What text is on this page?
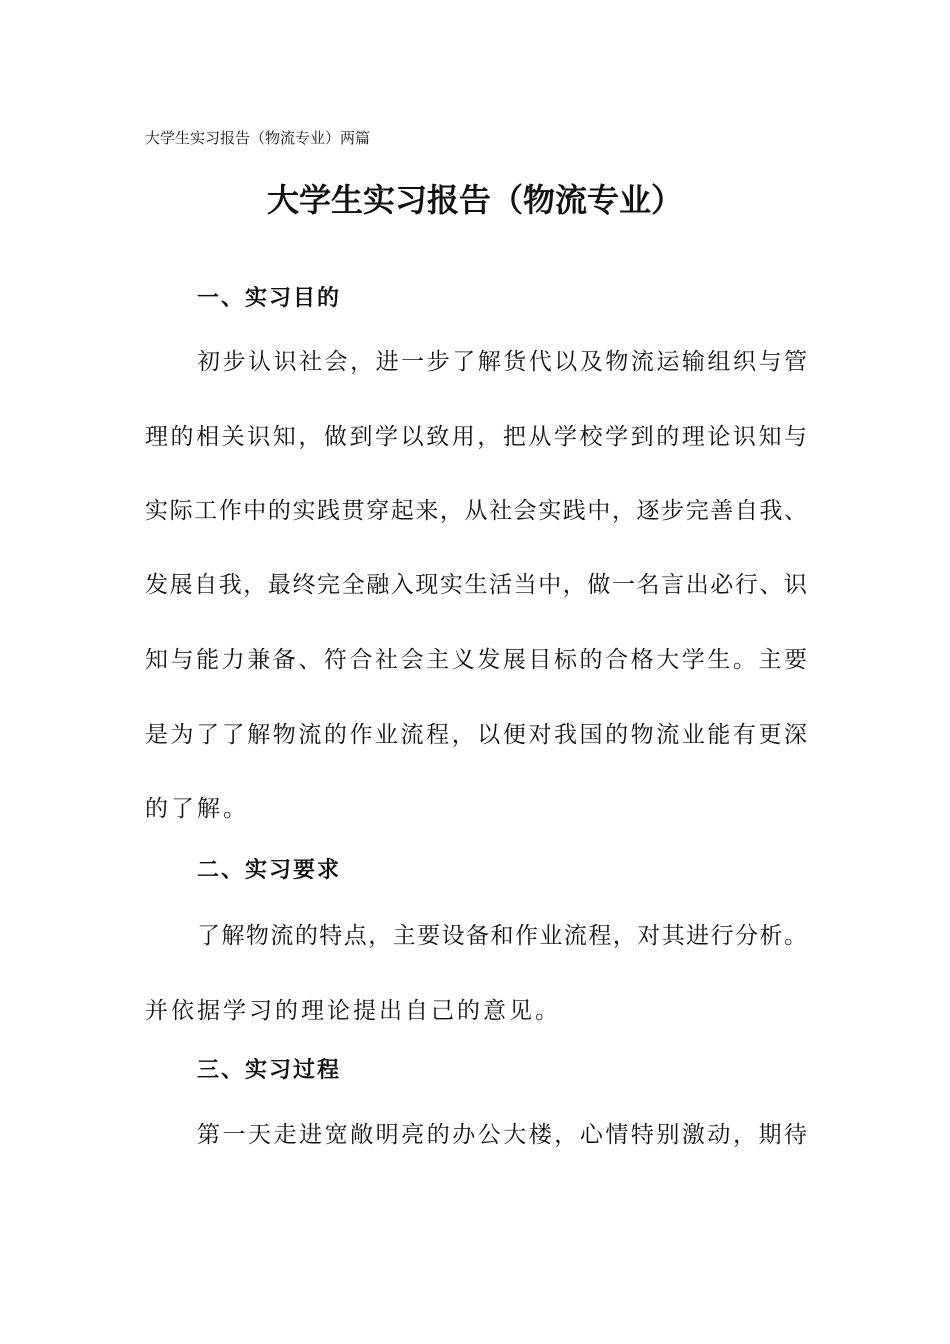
大学生实习报告（物流专业）两篇
大学生实习报告（物流专业）
一、实习目的
初步认识社会，进一步了解货代以及物流运输组织与管
理的相关识知，做到学以致用，把从学校学到的理论识知与
实际工作中的实践贯穿起来，从社会实践中，逐步完善自我、
发展自我，最终完全融入现实生活当中，做一名言出必行、识
知与能力兼备、符合社会主义发展目标的合格大学生。主要
是为了了解物流的作业流程，以便对我国的物流业能有更深
的了解。
二、实习要求
了解物流的特点，主要设备和作业流程，对其进行分析。
并依据学习的理论提出自己的意见。
三、实习过程
第一天走进宽敞明亮的办公大楼，心情特别激动，期待
